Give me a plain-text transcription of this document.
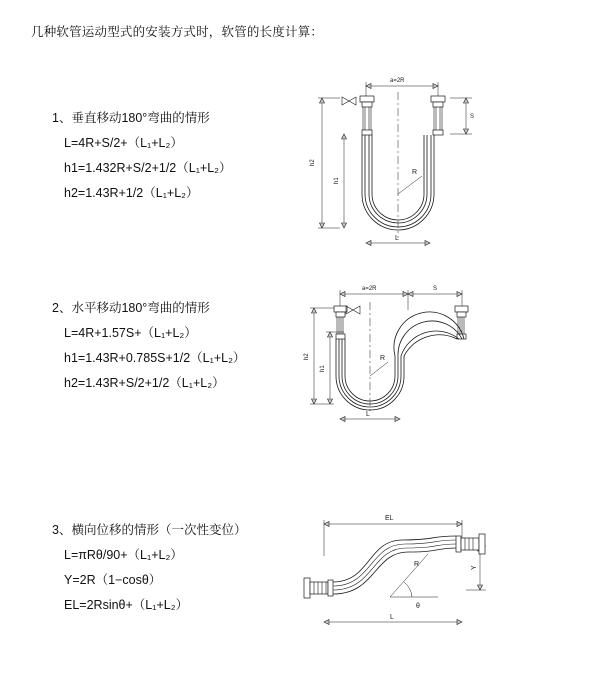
几种软管运动型式的安装方式时，软管的长度计算：
1、垂直移动180°弯曲的情形
L=4R+S/2+（L₁+L₂）
h1=1.432R+S/2+1/2（L₁+L₂）
h2=1.43R+1/2（L₁+L₂）
a=2R
S
h2
h1
R
L
2、水平移动180°弯曲的情形
L=4R+1.57S+（L₁+L₂）
h1=1.43R+0.785S+1/2（L₁+L₂）
h2=1.43R+S/2+1/2（L₁+L₂）
a=2R	S
h2
h1
R
L
3、横向位移的情形（一次性变位）
L=πRθ/90+（L₁+L₂）
Y=2R（1−cosθ）
EL=2Rsinθ+（L₁+L₂）
EL
Y
R
θ
L
